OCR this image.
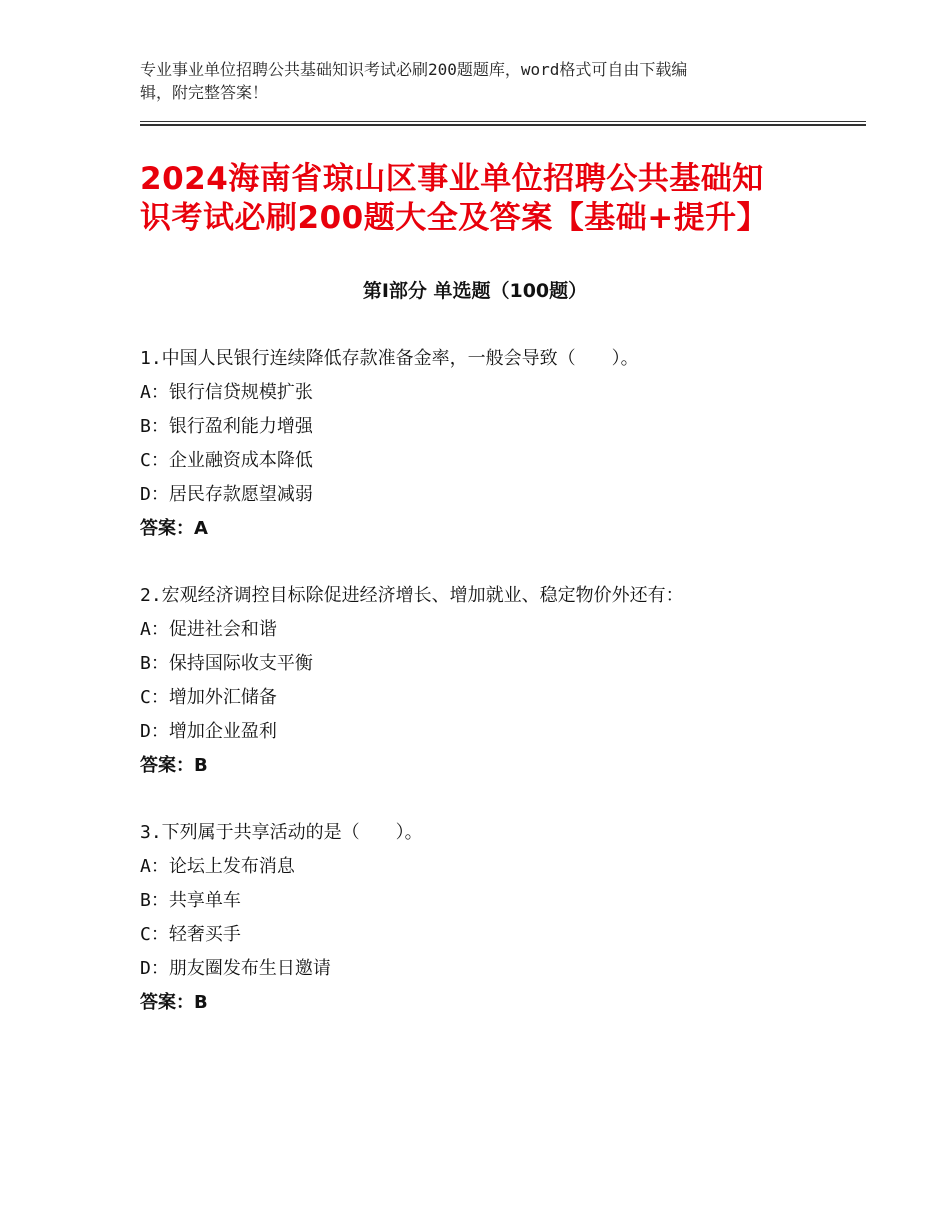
专业事业单位招聘公共基础知识考试必刷200题题库，word格式可自由下载编
辑，附完整答案！
2024海南省琼山区事业单位招聘公共基础知
识考试必刷200题大全及答案【基础+提升】
第Ⅰ部分 单选题（100题）
1.中国人民银行连续降低存款准备金率，一般会导致（　　）。
A：银行信贷规模扩张
B：银行盈利能力增强
C：企业融资成本降低
D：居民存款愿望减弱
答案：A
2.宏观经济调控目标除促进经济增长、增加就业、稳定物价外还有：
A：促进社会和谐
B：保持国际收支平衡
C：增加外汇储备
D：增加企业盈利
答案：B
3.下列属于共享活动的是（　　）。
A：论坛上发布消息
B：共享单车
C：轻奢买手
D：朋友圈发布生日邀请
答案：B
